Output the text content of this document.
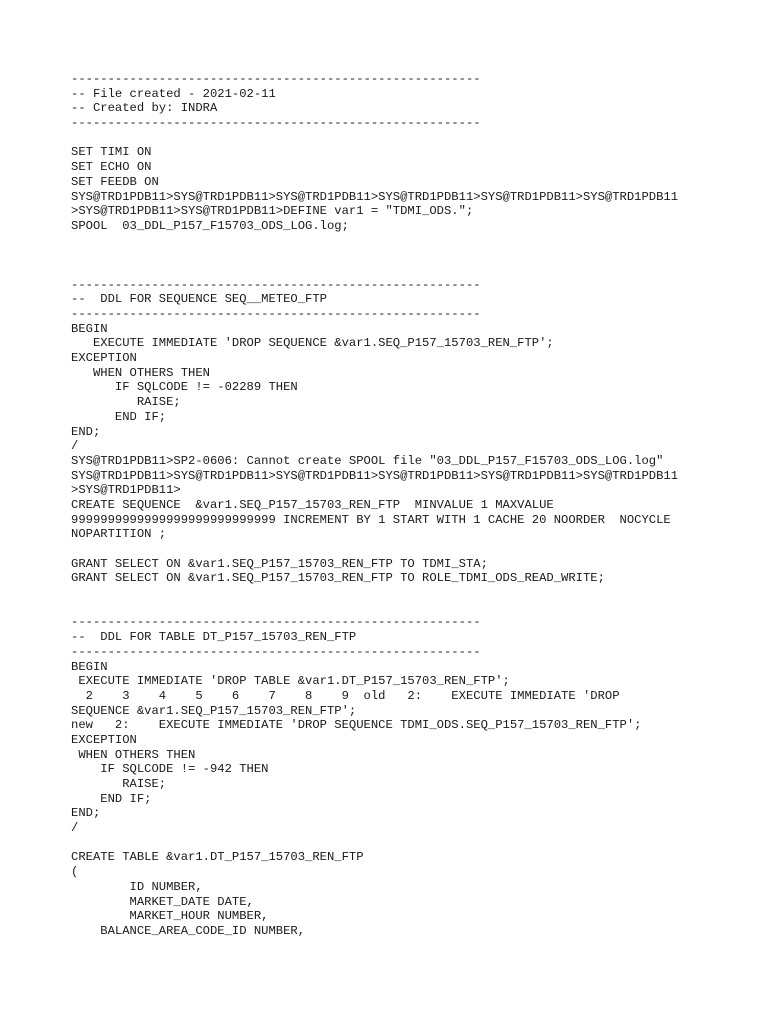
--------------------------------------------------------
-- File created - 2021-02-11
-- Created by: INDRA
--------------------------------------------------------
SET TIMI ON
SET ECHO ON
SET FEEDB ON
SYS@TRD1PDB11>SYS@TRD1PDB11>SYS@TRD1PDB11>SYS@TRD1PDB11>SYS@TRD1PDB11>SYS@TRD1PDB11
>SYS@TRD1PDB11>SYS@TRD1PDB11>DEFINE var1 = "TDMI_ODS.";
SPOOL  03_DDL_P157_F15703_ODS_LOG.log;
--------------------------------------------------------
--  DDL FOR SEQUENCE SEQ__METEO_FTP
--------------------------------------------------------
BEGIN
EXECUTE IMMEDIATE 'DROP SEQUENCE &var1.SEQ_P157_15703_REN_FTP';
EXCEPTION
WHEN OTHERS THEN
IF SQLCODE != -02289 THEN
RAISE;
END IF;
END;
/
SYS@TRD1PDB11>SP2-0606: Cannot create SPOOL file "03_DDL_P157_F15703_ODS_LOG.log"
SYS@TRD1PDB11>SYS@TRD1PDB11>SYS@TRD1PDB11>SYS@TRD1PDB11>SYS@TRD1PDB11>SYS@TRD1PDB11
>SYS@TRD1PDB11>
CREATE SEQUENCE  &var1.SEQ_P157_15703_REN_FTP  MINVALUE 1 MAXVALUE
9999999999999999999999999999 INCREMENT BY 1 START WITH 1 CACHE 20 NOORDER  NOCYCLE
NOPARTITION ;
GRANT SELECT ON &var1.SEQ_P157_15703_REN_FTP TO TDMI_STA;
GRANT SELECT ON &var1.SEQ_P157_15703_REN_FTP TO ROLE_TDMI_ODS_READ_WRITE;
--------------------------------------------------------
--  DDL FOR TABLE DT_P157_15703_REN_FTP
--------------------------------------------------------
BEGIN
EXECUTE IMMEDIATE 'DROP TABLE &var1.DT_P157_15703_REN_FTP';
2    3    4    5    6    7    8    9  old   2:    EXECUTE IMMEDIATE 'DROP
SEQUENCE &var1.SEQ_P157_15703_REN_FTP';
new   2:    EXECUTE IMMEDIATE 'DROP SEQUENCE TDMI_ODS.SEQ_P157_15703_REN_FTP';
EXCEPTION
WHEN OTHERS THEN
IF SQLCODE != -942 THEN
RAISE;
END IF;
END;
/
CREATE TABLE &var1.DT_P157_15703_REN_FTP
(
ID NUMBER,
MARKET_DATE DATE,
MARKET_HOUR NUMBER,
BALANCE_AREA_CODE_ID NUMBER,
